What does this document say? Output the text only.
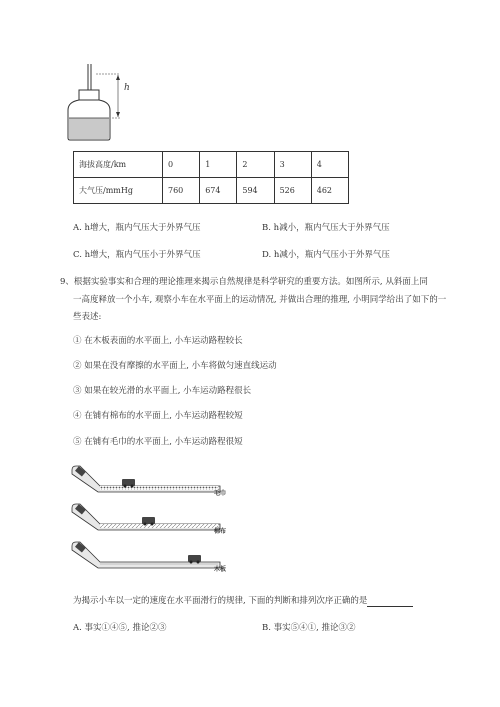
h
海拔高度/km	0	1	2	3	4
大气压/mmHg	760	674	594	526	462
A. h增大，瓶内气压大于外界气压	B. h减小，瓶内气压大于外界气压
C. h增大，瓶内气压小于外界气压	D. h减小，瓶内气压小于外界气压
9、根据实验事实和合理的理论推理来揭示自然规律是科学研究的重要方法。如图所示, 从斜面上同
一高度释放一个小车, 观察小车在水平面上的运动情况, 并做出合理的推理, 小明同学给出了如下的一
些表述:
① 在木板表面的水平面上, 小车运动路程较长
② 如果在没有摩擦的水平面上, 小车将做匀速直线运动
③ 如果在较光滑的水平面上, 小车运动路程很长
④ 在铺有棉布的水平面上, 小车运动路程较短
⑤ 在铺有毛巾的水平面上, 小车运动路程很短
毛巾
棉布
木板
为揭示小车以一定的速度在水平面滑行的规律, 下面的判断和排列次序正确的是
A. 事实①④⑤, 推论②③	B. 事实⑤④①, 推论③②
